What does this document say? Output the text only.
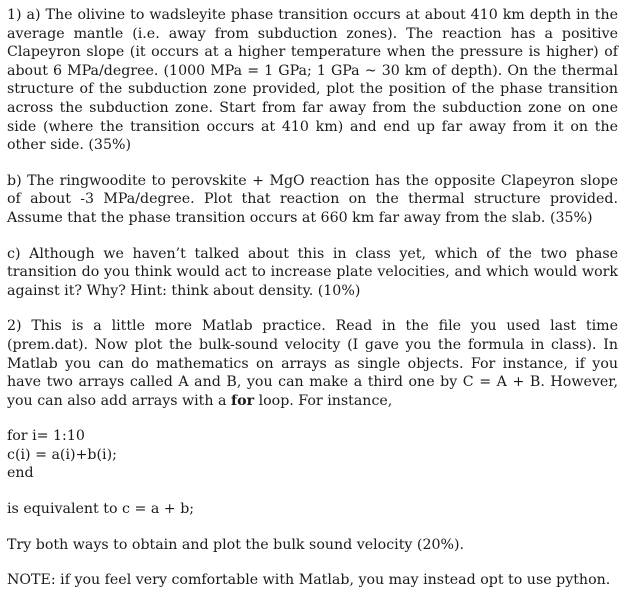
1) a) The olivine to wadsleyite phase transition occurs at about 410 km depth in the average mantle (i.e. away from subduction zones). The reaction has a positive Clapeyron slope (it occurs at a higher temperature when the pressure is higher) of about 6 MPa/degree. (1000 MPa = 1 GPa; 1 GPa ~ 30 km of depth). On the thermal structure of the subduction zone provided, plot the position of the phase transition across the subduction zone. Start from far away from the subduction zone on one side (where the transition occurs at 410 km) and end up far away from it on the other side. (35%)

b) The ringwoodite to perovskite + MgO reaction has the opposite Clapeyron slope of about -3 MPa/degree. Plot that reaction on the thermal structure provided. Assume that the phase transition occurs at 660 km far away from the slab. (35%)

c) Although we haven’t talked about this in class yet, which of the two phase transition do you think would act to increase plate velocities, and which would work against it? Why? Hint: think about density. (10%)

2) This is a little more Matlab practice. Read in the file you used last time (prem.dat). Now plot the bulk-sound velocity (I gave you the formula in class). In Matlab you can do mathematics on arrays as single objects. For instance, if you have two arrays called A and B, you can make a third one by C = A + B. However, you can also add arrays with a for loop. For instance,

for i= 1:10

c(i) = a(i)+b(i);

end

is equivalent to c = a + b;

Try both ways to obtain and plot the bulk sound velocity (20%).

NOTE: if you feel very comfortable with Matlab, you may instead opt to use python.
